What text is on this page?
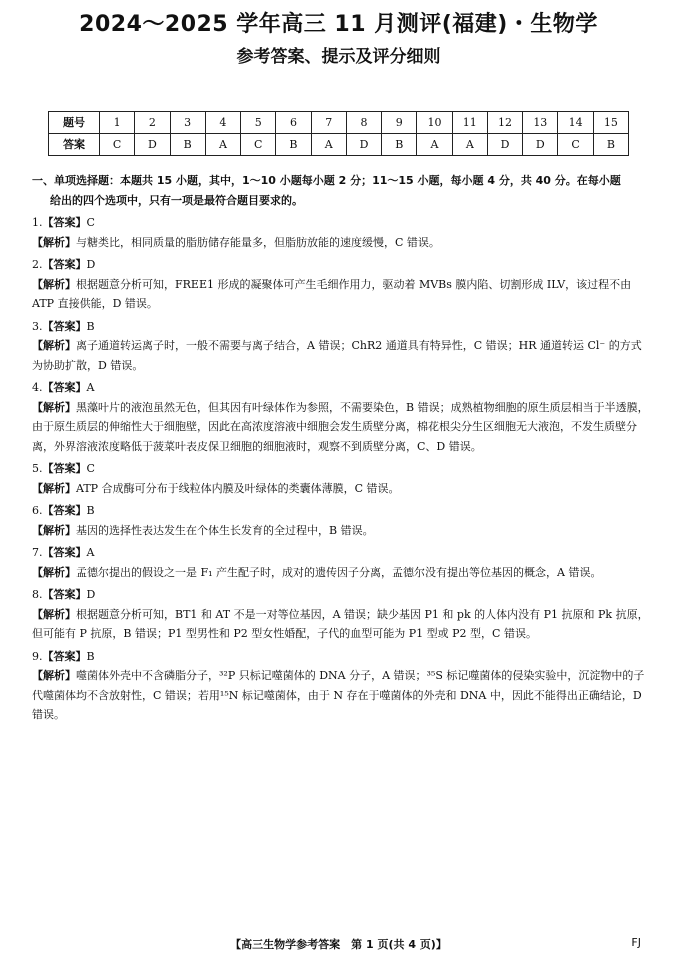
2024～2025 学年高三 11 月测评(福建)・生物学
参考答案、提示及评分细则
题号	1	2	3	4	5	6	7	8	9	10	11	12	13	14	15
答案	C	D	B	A	C	B	A	D	B	A	A	D	D	C	B

一、单项选择题：本题共 15 小题，其中，1～10 小题每小题 2 分；11～15 小题，每小题 4 分，共 40 分。在每小题
给出的四个选项中，只有一项是最符合题目要求的。

1.【答案】C

【解析】与糖类比，相同质量的脂肪储存能量多，但脂肪放能的速度缓慢，C 错误。

2.【答案】D

【解析】根据题意分析可知，FREE1 形成的凝聚体可产生毛细作用力，驱动着 MVBs 膜内陷、切割形成 ILV，该过程不由 ATP 直接供能，D 错误。

3.【答案】B

【解析】离子通道转运离子时，一般不需要与离子结合，A 错误；ChR2 通道具有特异性，C 错误；HR 通道转运 Cl⁻ 的方式为协助扩散，D 错误。

4.【答案】A

【解析】黑藻叶片的液泡虽然无色，但其因有叶绿体作为参照，不需要染色，B 错误；成熟植物细胞的原生质层相当于半透膜，由于原生质层的伸缩性大于细胞壁，因此在高浓度溶液中细胞会发生质壁分离，棉花根尖分生区细胞无大液泡，不发生质壁分离，外界溶液浓度略低于菠菜叶表皮保卫细胞的细胞液时，观察不到质壁分离，C、D 错误。

5.【答案】C

【解析】ATP 合成酶可分布于线粒体内膜及叶绿体的类囊体薄膜，C 错误。

6.【答案】B

【解析】基因的选择性表达发生在个体生长发育的全过程中，B 错误。

7.【答案】A

【解析】孟德尔提出的假设之一是 F₁ 产生配子时，成对的遗传因子分离，孟德尔没有提出等位基因的概念，A 错误。

8.【答案】D

【解析】根据题意分析可知，BT1 和 AT 不是一对等位基因，A 错误；缺少基因 P1 和 pk 的人体内没有 P1 抗原和 Pk 抗原，但可能有 P 抗原，B 错误；P1 型男性和 P2 型女性婚配，子代的血型可能为 P1 型或 P2 型，C 错误。

9.【答案】B

【解析】噬菌体外壳中不含磷脂分子，³²P 只标记噬菌体的 DNA 分子，A 错误；³⁵S 标记噬菌体的侵染实验中，沉淀物中的子代噬菌体均不含放射性，C 错误；若用¹⁵N 标记噬菌体，由于 N 存在于噬菌体的外壳和 DNA 中，因此不能得出正确结论，D 错误。

【高三生物学参考答案　第 1 页(共 4 页)】	FJ
